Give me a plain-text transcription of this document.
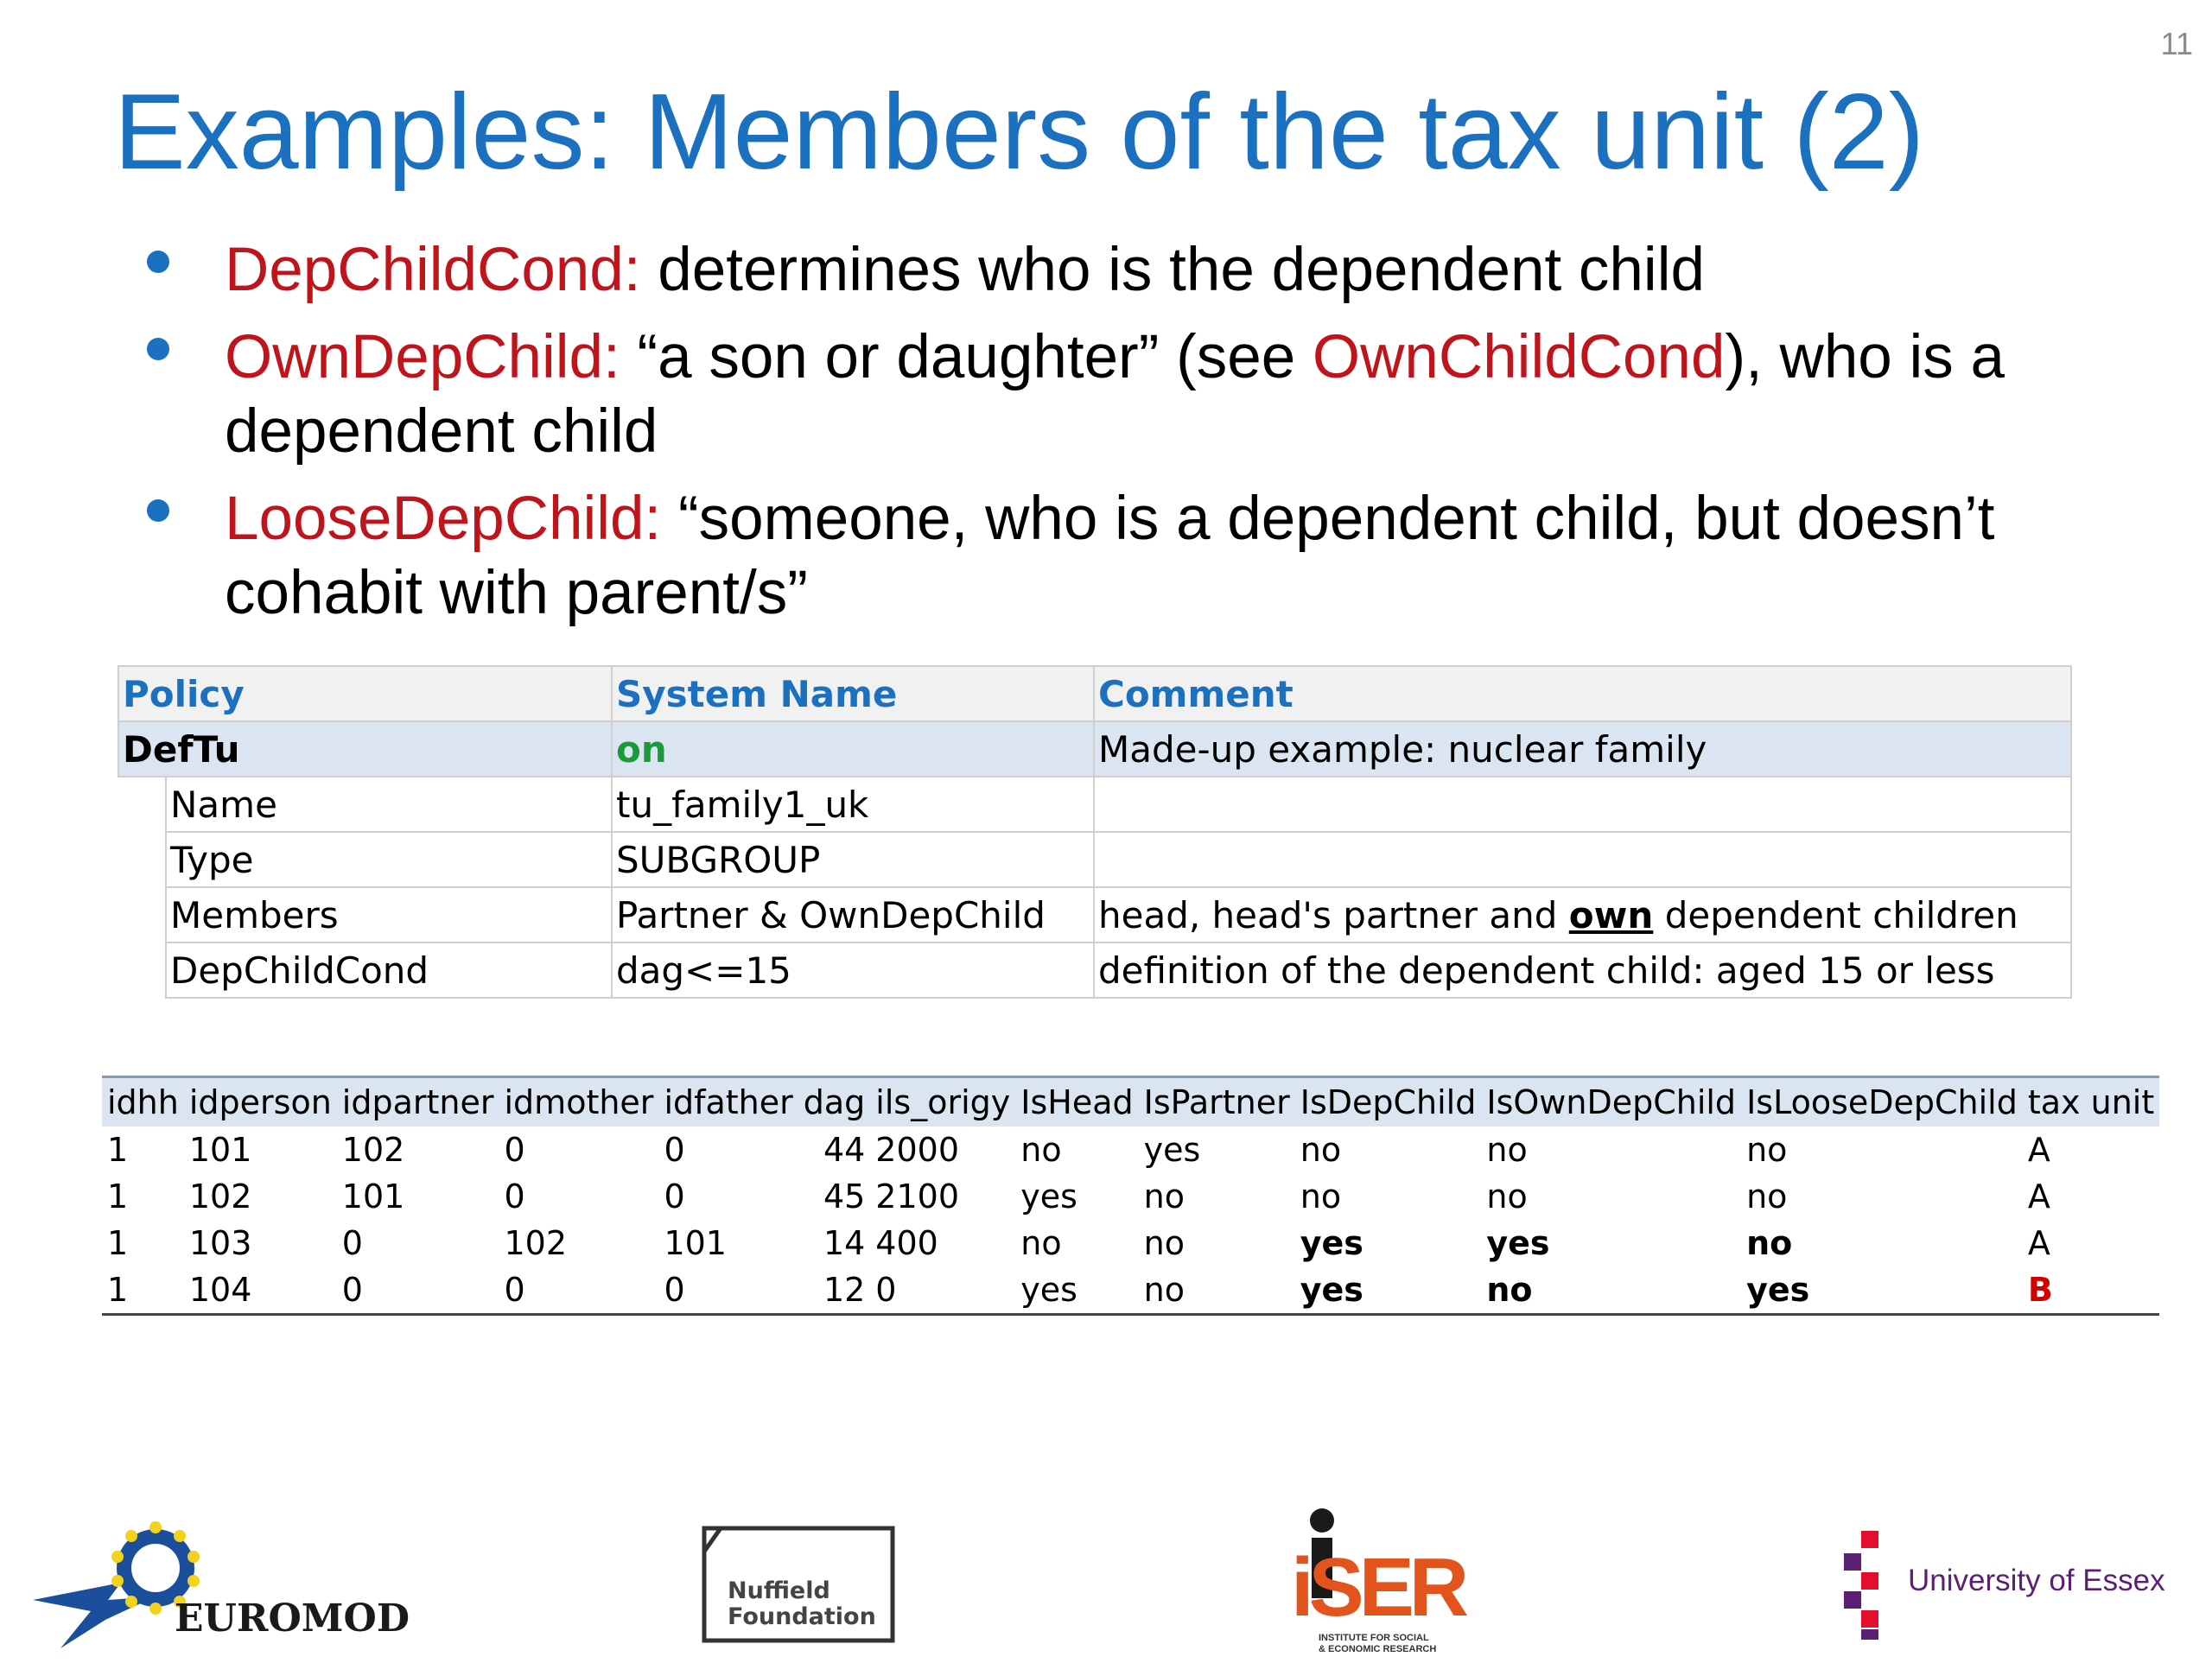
11
Examples: Members of the tax unit (2)
DepChildCond: determines who is the dependent child
OwnDepChild: “a son or daughter” (see OwnChildCond), who is a dependent child
LooseDepChild: “someone, who is a dependent child, but doesn’t cohabit with parent/s”
Policy		System Name	Comment
DefTu		on	Made-up example: nuclear family
	Name	tu_family1_uk	
	Type	SUBGROUP	
	Members	Partner & OwnDepChild	head, head's partner and own dependent children
	DepChildCond	dag<=15	definition of the dependent child: aged 15 or less
idhh	idperson	idpartner	idmother	idfather	dag	ils_origy	IsHead	IsPartner	IsDepChild	IsOwnDepChild	IsLooseDepChild	tax unit
1	101	102	0	0	44	2000	no	yes	no	no	no	A
1	102	101	0	0	45	2100	yes	no	no	no	no	A
1	103	0	102	101	14	400	no	no	yes	yes	no	A
1	104	0	0	0	12	0	yes	no	yes	no	yes	B
EUROMOD
Nuffield
Foundation	iSER
INSTITUTE FOR SOCIAL
& ECONOMIC RESEARCH
University of Essex
